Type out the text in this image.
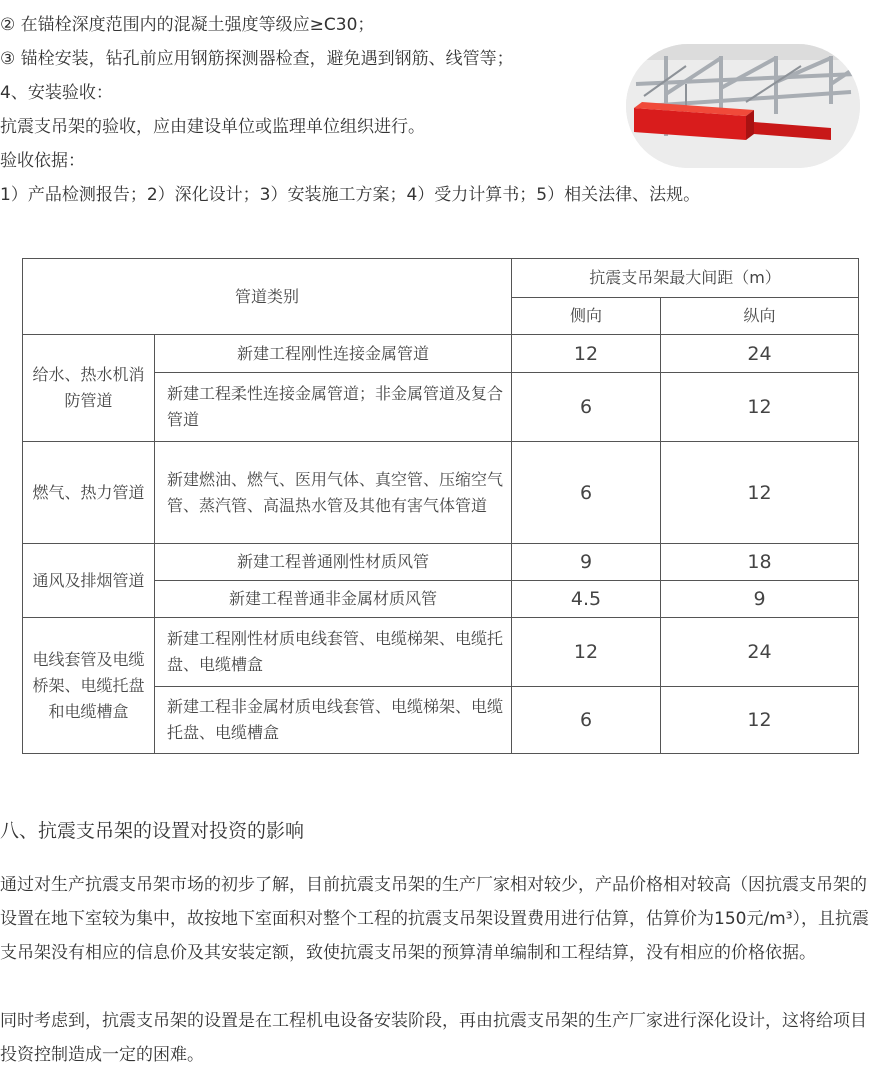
② 在锚栓深度范围内的混凝土强度等级应≥C30；
③ 锚栓安装，钻孔前应用钢筋探测器检查，避免遇到钢筋、线管等；
4、安装验收：
抗震支吊架的验收，应由建设单位或监理单位组织进行。
验收依据：
1）产品检测报告；2）深化设计；3）安装施工方案；4）受力计算书；5）相关法律、法规。
管道类别		抗震支吊架最大间距（m）	
		侧向	纵向
给水、热水机消防管道	新建工程刚性连接金属管道	12	24
	新建工程柔性连接金属管道；非金属管道及复合管道	6	12
燃气、热力管道	新建燃油、燃气、医用气体、真空管、压缩空气管、蒸汽管、高温热水管及其他有害气体管道	6	12
通风及排烟管道	新建工程普通刚性材质风管	9	18
	新建工程普通非金属材质风管	4.5	9
电线套管及电缆桥架、电缆托盘和电缆槽盒	新建工程刚性材质电线套管、电缆梯架、电缆托盘、电缆槽盒	12	24
	新建工程非金属材质电线套管、电缆梯架、电缆托盘、电缆槽盒	6	12
八、抗震支吊架的设置对投资的影响
通过对生产抗震支吊架市场的初步了解，目前抗震支吊架的生产厂家相对较少，产品价格相对较高（因抗震支吊架的设置在地下室较为集中，故按地下室面积对整个工程的抗震支吊架设置费用进行估算，估算价为150元/m³），且抗震支吊架没有相应的信息价及其安装定额，致使抗震支吊架的预算清单编制和工程结算，没有相应的价格依据。
同时考虑到，抗震支吊架的设置是在工程机电设备安装阶段，再由抗震支吊架的生产厂家进行深化设计，这将给项目投资控制造成一定的困难。
